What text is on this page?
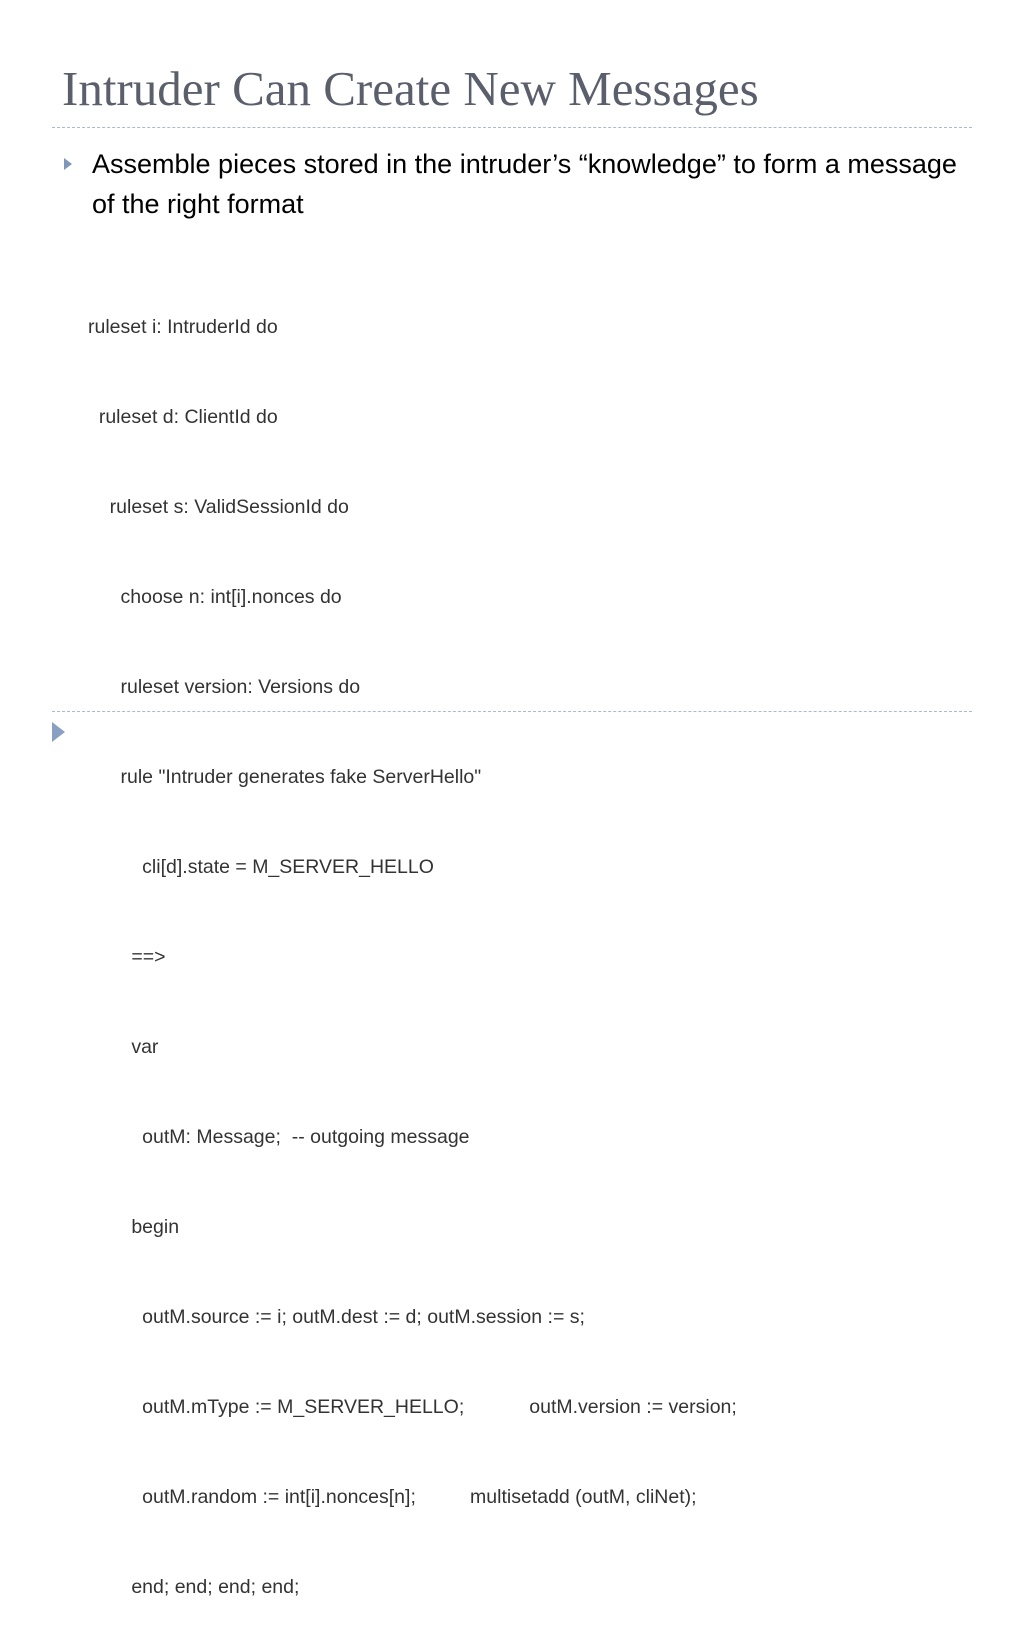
Intruder Can Create New Messages

Assemble pieces stored in the intruder’s “knowledge” to form a message of the right format

ruleset i: IntruderId do

ruleset d: ClientId do

ruleset s: ValidSessionId do

choose n: int[i].nonces do

ruleset version: Versions do

rule "Intruder generates fake ServerHello"

cli[d].state = M_SERVER_HELLO

==>

var

outM: Message;  -- outgoing message

begin

outM.source := i; outM.dest := d; outM.session := s;

outM.mType := M_SERVER_HELLO;            outM.version := version;

outM.random := int[i].nonces[n];          multisetadd (outM, cliNet);

end; end; end; end;
